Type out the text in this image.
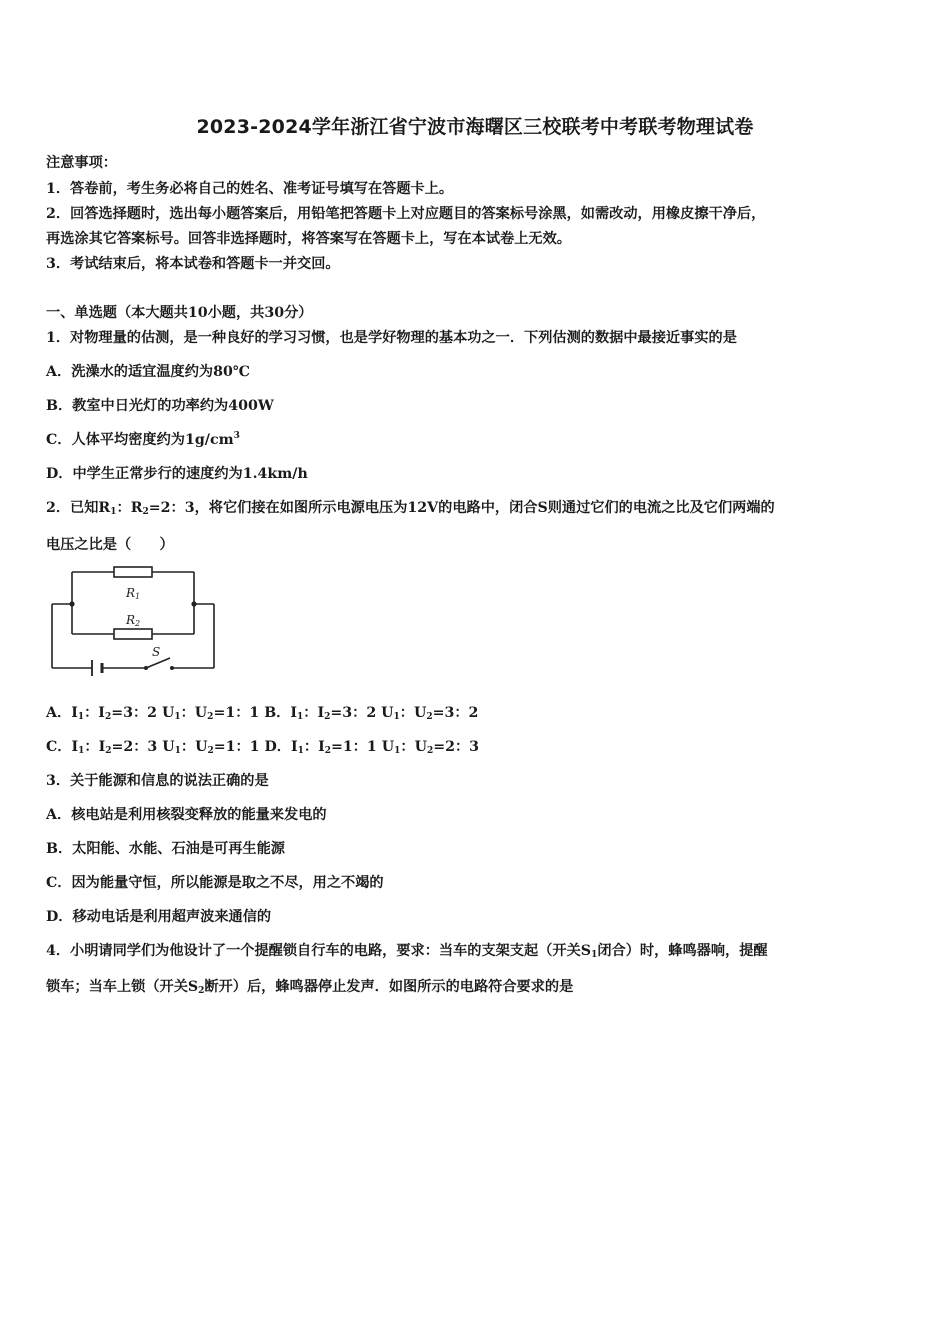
2023-2024学年浙江省宁波市海曙区三校联考中考联考物理试卷
注意事项：
1．答卷前，考生务必将自己的姓名、准考证号填写在答题卡上。
2．回答选择题时，选出每小题答案后，用铅笔把答题卡上对应题目的答案标号涂黑，如需改动，用橡皮擦干净后，
再选涂其它答案标号。回答非选择题时，将答案写在答题卡上，写在本试卷上无效。
3．考试结束后，将本试卷和答题卡一并交回。
一、单选题（本大题共10小题，共30分）
1．对物理量的估测，是一种良好的学习习惯，也是学好物理的基本功之一．下列估测的数据中最接近事实的是
A．洗澡水的适宜温度约为80℃
B．教室中日光灯的功率约为400W
C．人体平均密度约为$1g/cm^3$
D．中学生正常步行的速度约为1.4km/h
2．已知$R_1$：$R_2=2$：3，将它们接在如图所示电源电压为12V的电路中，闭合S则通过它们的电流之比及它们两端的
电压之比是（　　）
R1
R2
S
A．$I_1$：$I_2=3$：2 $U_1$：$U_2=1$：1 B．$I_1$：$I_2=3$：2 $U_1$：$U_2=3$：2
C．$I_1$：$I_2=2$：3 $U_1$：$U_2=1$：1 D．$I_1$：$I_2=1$：1 $U_1$：$U_2=2$：3
3．关于能源和信息的说法正确的是
A．核电站是利用核裂变释放的能量来发电的
B．太阳能、水能、石油是可再生能源
C．因为能量守恒，所以能源是取之不尽，用之不竭的
D．移动电话是利用超声波来通信的
4．小明请同学们为他设计了一个提醒锁自行车的电路，要求：当车的支架支起（开关$S_1$闭合）时，蜂鸣器响，提醒
锁车；当车上锁（开关$S_2$断开）后，蜂鸣器停止发声．如图所示的电路符合要求的是
